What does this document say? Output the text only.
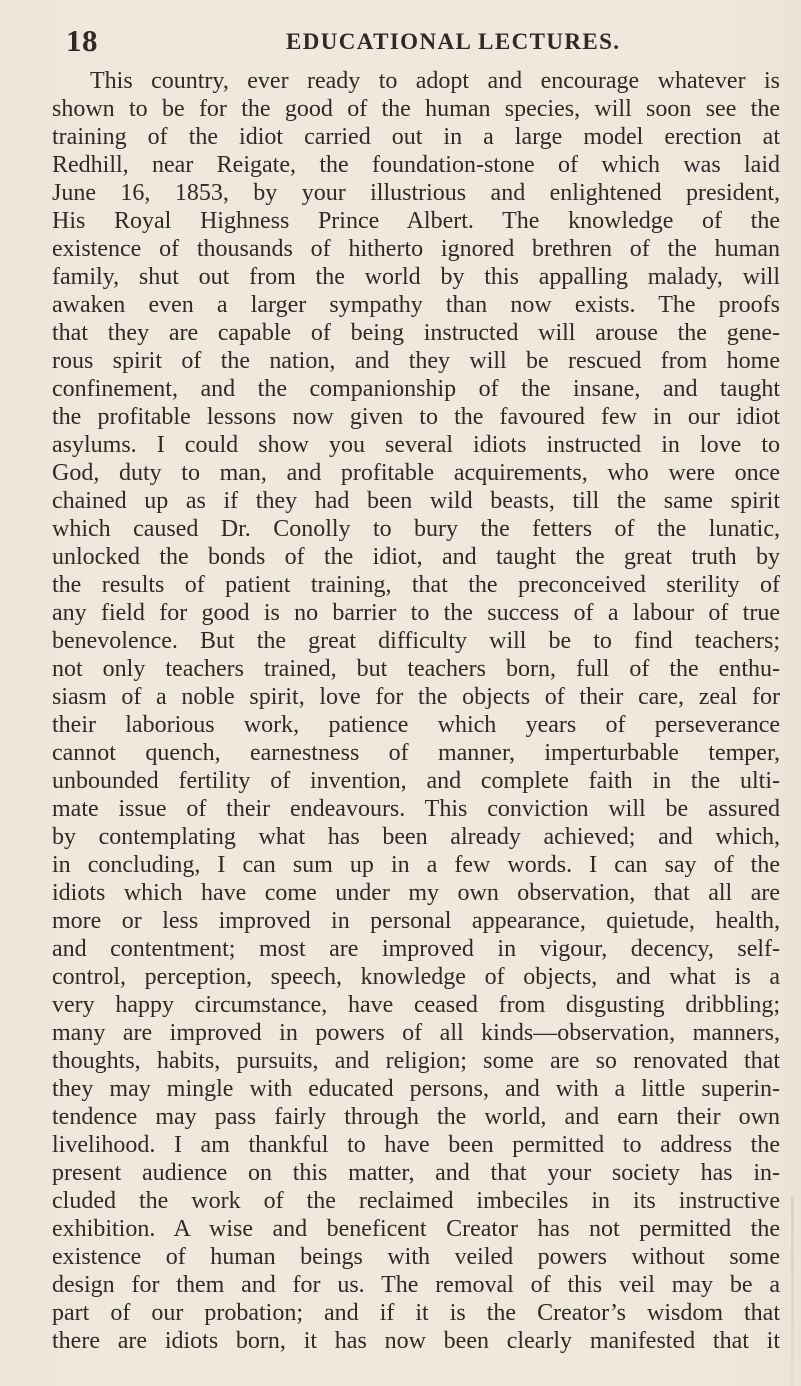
18	EDUCATIONAL LECTURES.
This country, ever ready to adopt and encourage whatever is
shown to be for the good of the human species, will soon see the
training of the idiot carried out in a large model erection at
Redhill, near Reigate, the foundation-stone of which was laid
June 16, 1853, by your illustrious and enlightened president,
His Royal Highness Prince Albert. The knowledge of the
existence of thousands of hitherto ignored brethren of the human
family, shut out from the world by this appalling malady, will
awaken even a larger sympathy than now exists. The proofs
that they are capable of being instructed will arouse the gene-
rous spirit of the nation, and they will be rescued from home
confinement, and the companionship of the insane, and taught
the profitable lessons now given to the favoured few in our idiot
asylums. I could show you several idiots instructed in love to
God, duty to man, and profitable acquirements, who were once
chained up as if they had been wild beasts, till the same spirit
which caused Dr. Conolly to bury the fetters of the lunatic,
unlocked the bonds of the idiot, and taught the great truth by
the results of patient training, that the preconceived sterility of
any field for good is no barrier to the success of a labour of true
benevolence. But the great difficulty will be to find teachers;
not only teachers trained, but teachers born, full of the enthu-
siasm of a noble spirit, love for the objects of their care, zeal for
their laborious work, patience which years of perseverance
cannot quench, earnestness of manner, imperturbable temper,
unbounded fertility of invention, and complete faith in the ulti-
mate issue of their endeavours. This conviction will be assured
by contemplating what has been already achieved; and which,
in concluding, I can sum up in a few words. I can say of the
idiots which have come under my own observation, that all are
more or less improved in personal appearance, quietude, health,
and contentment; most are improved in vigour, decency, self-
control, perception, speech, knowledge of objects, and what is a
very happy circumstance, have ceased from disgusting dribbling;
many are improved in powers of all kinds—observation, manners,
thoughts, habits, pursuits, and religion; some are so renovated that
they may mingle with educated persons, and with a little superin-
tendence may pass fairly through the world, and earn their own
livelihood. I am thankful to have been permitted to address the
present audience on this matter, and that your society has in-
cluded the work of the reclaimed imbeciles in its instructive
exhibition. A wise and beneficent Creator has not permitted the
existence of human beings with veiled powers without some
design for them and for us. The removal of this veil may be a
part of our probation; and if it is the Creator’s wisdom that
there are idiots born, it has now been clearly manifested that it
